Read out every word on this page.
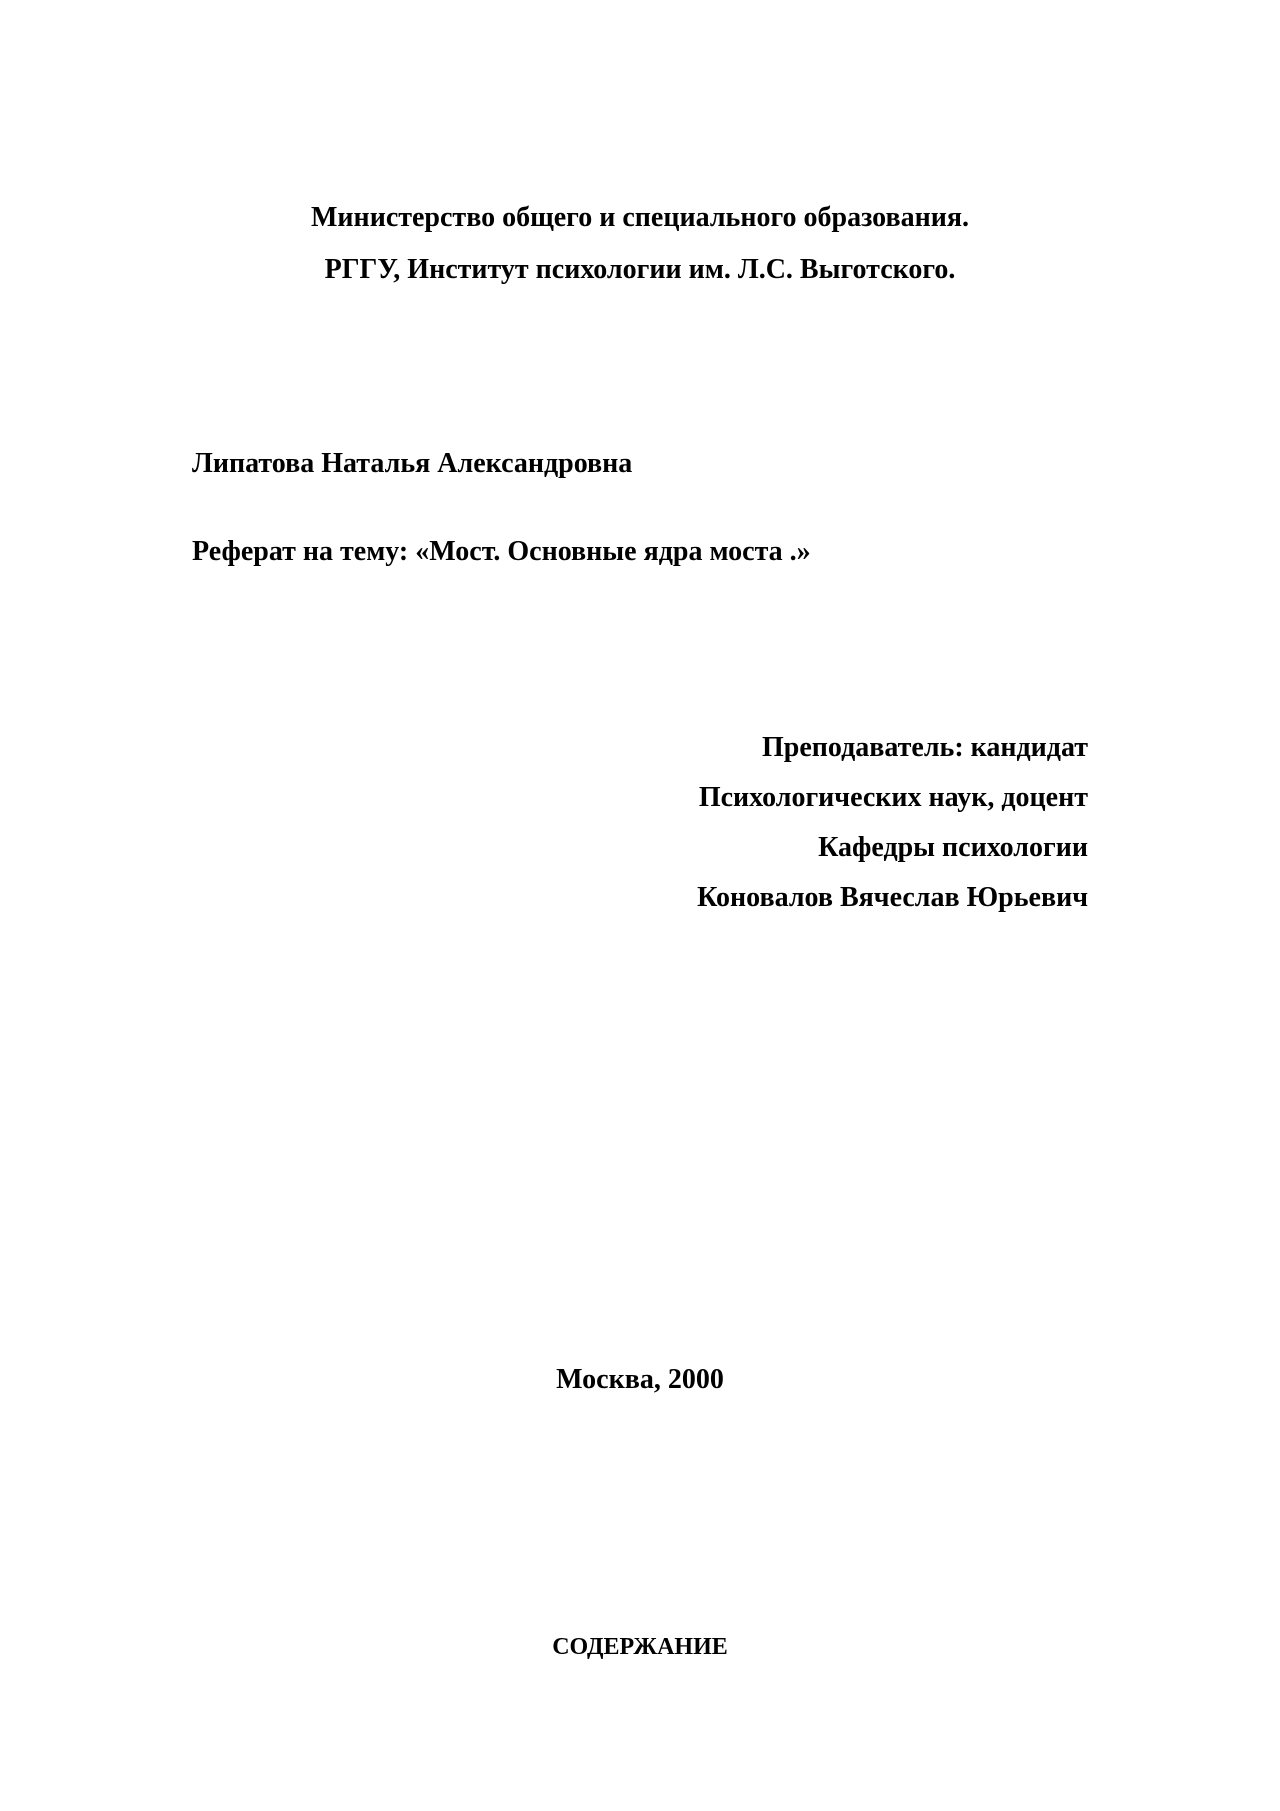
Министерство общего и специального образования.

РГГУ, Институт психологии им. Л.С. Выготского.

Липатова Наталья Александровна

Реферат на тему: «Мост. Основные ядра моста .»

Преподаватель: кандидат

Психологических наук, доцент

Кафедры психологии

Коновалов Вячеслав Юрьевич

Москва, 2000

СОДЕРЖАНИЕ
